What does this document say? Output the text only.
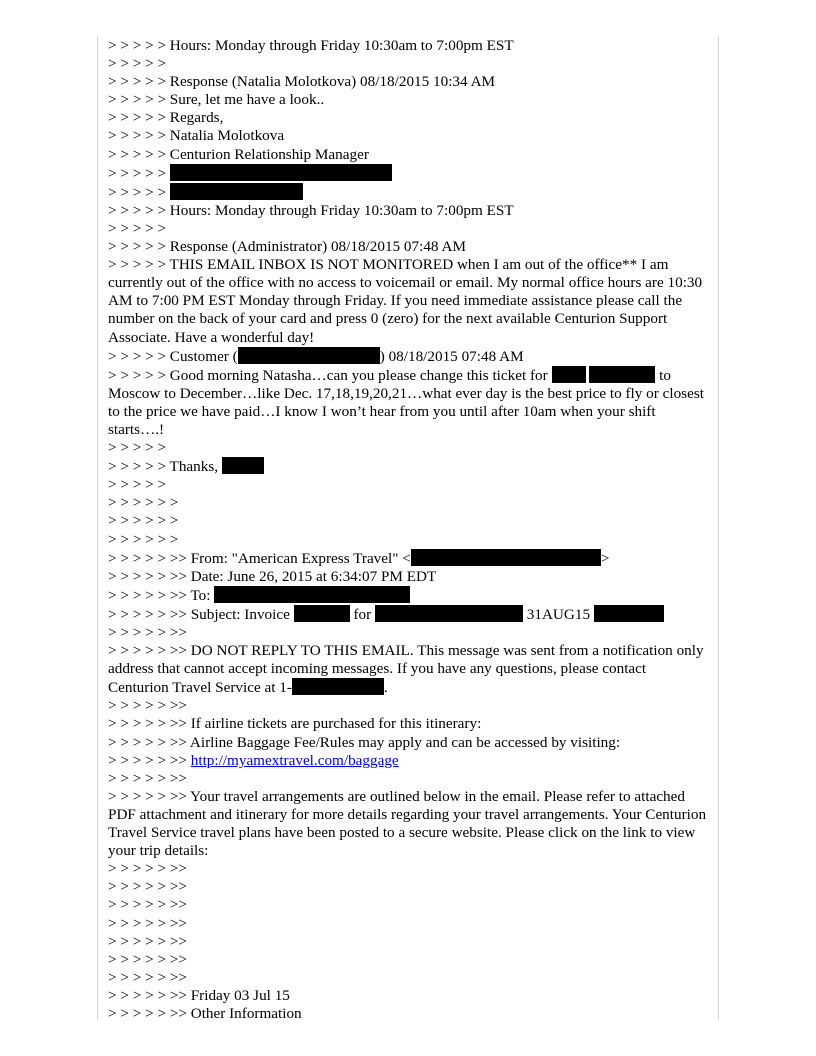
> > > > > Hours: Monday through Friday 10:30am to 7:00pm EST
> > > > >
> > > > > Response (Natalia Molotkova) 08/18/2015 10:34 AM
> > > > > Sure, let me have a look..
> > > > > Regards,
> > > > > Natalia Molotkova
> > > > > Centurion Relationship Manager
> > > > >
> > > > >
> > > > > Hours: Monday through Friday 10:30am to 7:00pm EST
> > > > >
> > > > > Response (Administrator) 08/18/2015 07:48 AM
> > > > > THIS EMAIL INBOX IS NOT MONITORED when I am out of the office** I am currently out of the office with no access to voicemail or email. My normal office hours are 10:30 AM to 7:00 PM EST Monday through Friday. If you need immediate assistance please call the number on the back of your card and press 0 (zero) for the next available Centurion Support Associate. Have a wonderful day!
> > > > > Customer (	) 08/18/2015 07:48 AM
> > > > > Good morning Natasha…can you please change this ticket for	to Moscow to December…like Dec. 17,18,19,20,21…what ever day is the best price to fly or closest to the price we have paid…I know I won’t hear from you until after 10am when your shift starts….!
> > > > >
> > > > > Thanks,
> > > > >
> > > > > >
> > > > > >
> > > > > >
> > > > > >> From: "American Express Travel" <	>
> > > > > >> Date: June 26, 2015 at 6:34:07 PM EDT
> > > > > >> To:
> > > > > >> Subject: Invoice	for	31AUG15
> > > > > >>
> > > > > >> DO NOT REPLY TO THIS EMAIL. This message was sent from a notification only address that cannot accept incoming messages. If you have any questions, please contact Centurion Travel Service at 1-	.
> > > > > >>
> > > > > >> If airline tickets are purchased for this itinerary:
> > > > > >> Airline Baggage Fee/Rules may apply and can be accessed by visiting:
> > > > > >> http://myamextravel.com/baggage
> > > > > >>
> > > > > >> Your travel arrangements are outlined below in the email. Please refer to attached PDF attachment and itinerary for more details regarding your travel arrangements. Your Centurion Travel Service travel plans have been posted to a secure website. Please click on the link to view your trip details:
> > > > > >>
> > > > > >>
> > > > > >>
> > > > > >>
> > > > > >>
> > > > > >>
> > > > > >>
> > > > > >> Friday 03 Jul 15
> > > > > >> Other Information
